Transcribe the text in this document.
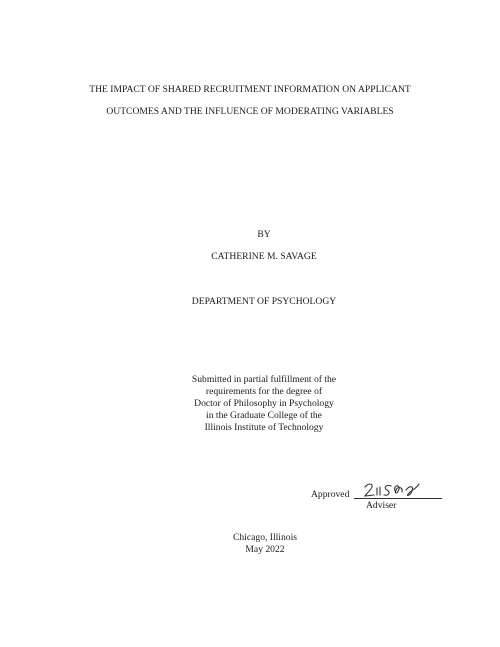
THE IMPACT OF SHARED RECRUITMENT INFORMATION ON APPLICANT
OUTCOMES AND THE INFLUENCE OF MODERATING VARIABLES
BY
CATHERINE M. SAVAGE
DEPARTMENT OF PSYCHOLOGY
Submitted in partial fulfillment of the
requirements for the degree of
Doctor of Philosophy in Psychology
in the Graduate College of the
Illinois Institute of Technology
Approved
Adviser
Chicago, Illinois
May 2022
